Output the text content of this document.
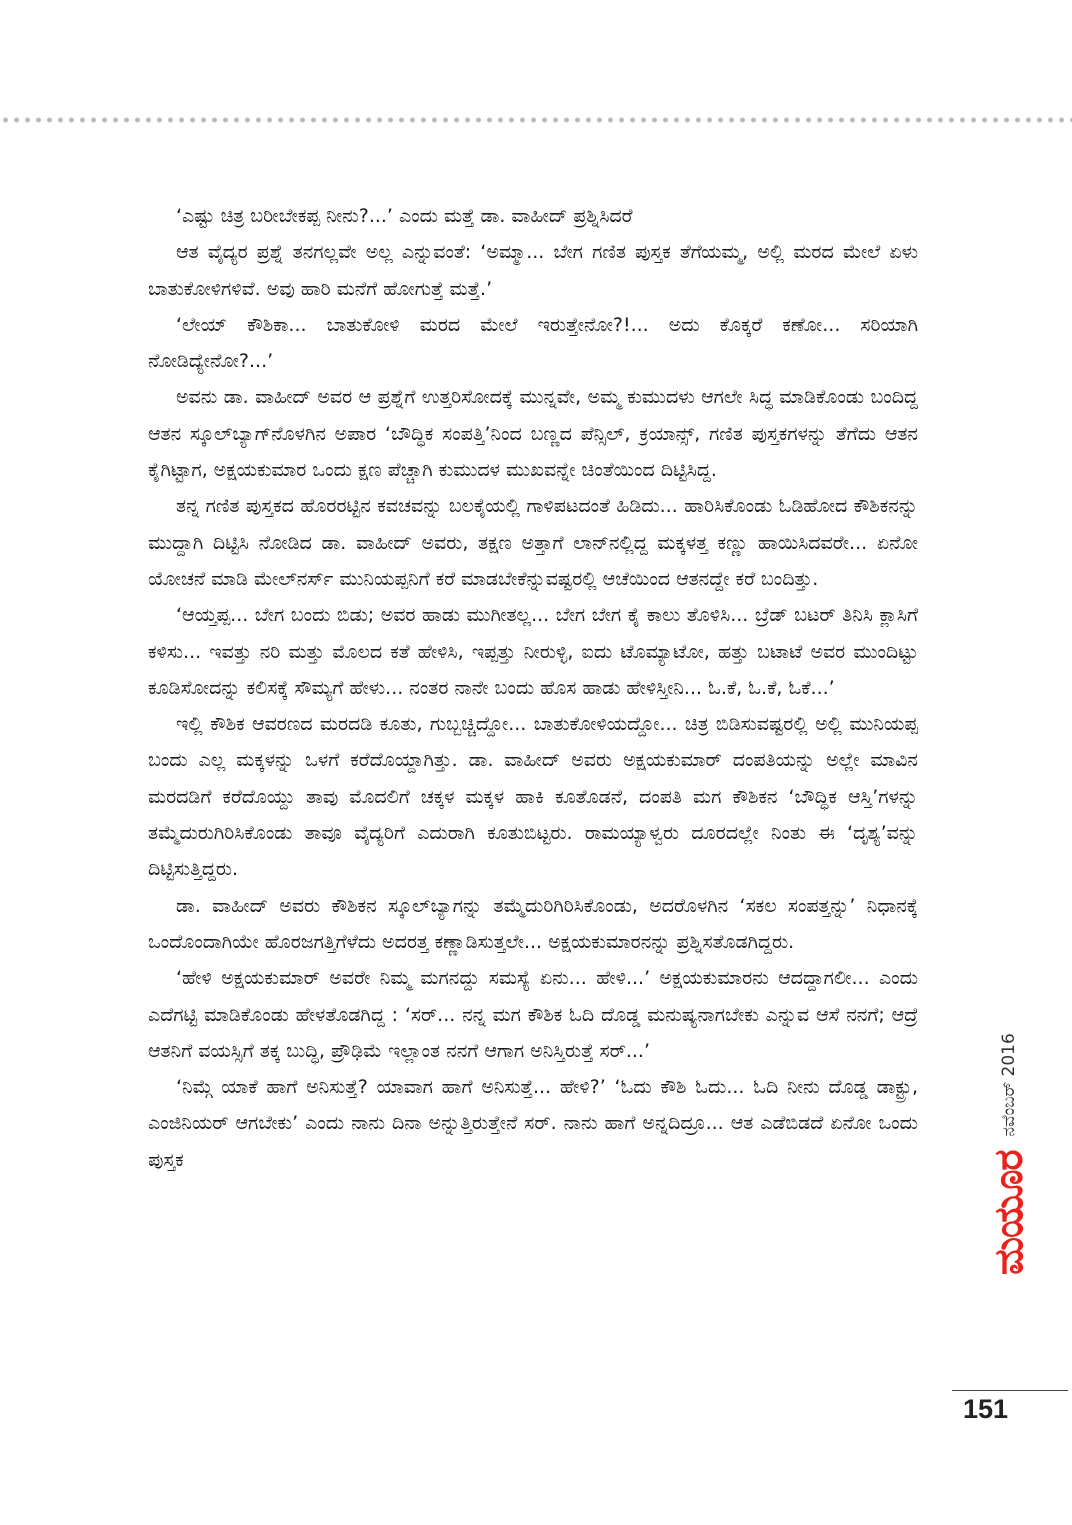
‘ಎಷ್ಟು ಚಿತ್ರ ಬರೀಬೇಕಪ್ಪ ನೀನು?...’ ಎಂದು ಮತ್ತೆ ಡಾ. ವಾಹೀದ್ ಪ್ರಶ್ನಿಸಿದರೆ

ಆತ ವೈದ್ಯರ ಪ್ರಶ್ನೆ ತನಗಲ್ಲವೇ ಅಲ್ಲ ಎನ್ನುವಂತೆ: ‘ಅಮ್ಮಾ... ಬೇಗ ಗಣಿತ ಪುಸ್ತಕ ತೆಗೆಯಮ್ಮ, ಅಲ್ಲಿ ಮರದ ಮೇಲೆ ಏಳು ಬಾತುಕೋಳಿಗಳಿವೆ. ಅವು ಹಾರಿ ಮನೆಗೆ ಹೋಗುತ್ತೆ ಮತ್ತೆ.’

‘ಲೇಯ್ ಕೌಶಿಕಾ... ಬಾತುಕೋಳಿ ಮರದ ಮೇಲೆ ಇರುತ್ತೇನೋ?!... ಅದು ಕೊಕ್ಕರೆ ಕಣೋ... ಸರಿಯಾಗಿ ನೋಡಿದ್ಯೇನೋ?...’

ಅವನು ಡಾ. ವಾಹೀದ್ ಅವರ ಆ ಪ್ರಶ್ನೆಗೆ ಉತ್ತರಿಸೋದಕ್ಕೆ ಮುನ್ನವೇ, ಅಮ್ಮ ಕುಮುದಳು ಆಗಲೇ ಸಿದ್ಧ ಮಾಡಿಕೊಂಡು ಬಂದಿದ್ದ ಆತನ ಸ್ಕೂಲ್‌ಬ್ಯಾಗ್‌ನೊಳಗಿನ ಅಪಾರ ‘ಬೌದ್ಧಿಕ ಸಂಪತ್ತಿ’ನಿಂದ ಬಣ್ಣದ ಪೆನ್ಸಿಲ್, ಕ್ರಯಾನ್ಸ್, ಗಣಿತ ಪುಸ್ತಕಗಳನ್ನು ತೆಗೆದು ಆತನ ಕೈಗಿಟ್ಟಾಗ, ಅಕ್ಷಯಕುಮಾರ ಒಂದು ಕ್ಷಣ ಪೆಚ್ಚಾಗಿ ಕುಮುದಳ ಮುಖವನ್ನೇ ಚಿಂತೆಯಿಂದ ದಿಟ್ಟಿಸಿದ್ದ.

ತನ್ನ ಗಣಿತ ಪುಸ್ತಕದ ಹೊರರಟ್ಟಿನ ಕವಚವನ್ನು ಬಲಕೈಯಲ್ಲಿ ಗಾಳಿಪಟದಂತೆ ಹಿಡಿದು... ಹಾರಿಸಿಕೊಂಡು ಓಡಿಹೋದ ಕೌಶಿಕನನ್ನು ಮುದ್ದಾಗಿ ದಿಟ್ಟಿಸಿ ನೋಡಿದ ಡಾ. ವಾಹೀದ್ ಅವರು, ತಕ್ಷಣ ಅತ್ತಾಗೆ ಲಾನ್‌ನಲ್ಲಿದ್ದ ಮಕ್ಕಳತ್ತ ಕಣ್ಣು ಹಾಯಿಸಿದವರೇ... ಏನೋ ಯೋಚನೆ ಮಾಡಿ ಮೇಲ್‌ನರ್ಸ್ ಮುನಿಯಪ್ಪನಿಗೆ ಕರೆ ಮಾಡಬೇಕೆನ್ನುವಷ್ಟರಲ್ಲಿ ಆಚೆಯಿಂದ ಆತನದ್ದೇ ಕರೆ ಬಂದಿತ್ತು.

‘ಆಯ್ತಪ್ಪ... ಬೇಗ ಬಂದು ಬಿಡು; ಅವರ ಹಾಡು ಮುಗೀತಲ್ಲ... ಬೇಗ ಬೇಗ ಕೈ ಕಾಲು ತೊಳಿಸಿ... ಬ್ರೆಡ್ ಬಟರ್ ತಿನಿಸಿ ಕ್ಲಾಸಿಗೆ ಕಳಿಸು... ಇವತ್ತು ನರಿ ಮತ್ತು ಮೊಲದ ಕತೆ ಹೇಳಿಸಿ, ಇಪ್ಪತ್ತು ನೀರುಳ್ಳಿ, ಐದು ಟೊಮ್ಯಾಟೋ, ಹತ್ತು ಬಟಾಟೆ ಅವರ ಮುಂದಿಟ್ಟು ಕೂಡಿಸೋದನ್ನು ಕಲಿಸಕ್ಕೆ ಸೌಮ್ಯಗೆ ಹೇಳು... ನಂತರ ನಾನೇ ಬಂದು ಹೊಸ ಹಾಡು ಹೇಳಿಸ್ತೀನಿ... ಓ.ಕೆ, ಓ.ಕೆ, ಓಕೆ...’

ಇಲ್ಲಿ ಕೌಶಿಕ ಆವರಣದ ಮರದಡಿ ಕೂತು, ಗುಬ್ಬಚ್ಚಿದ್ದೋ... ಬಾತುಕೋಳಿಯದ್ದೋ... ಚಿತ್ರ ಬಿಡಿಸುವಷ್ಟರಲ್ಲಿ ಅಲ್ಲಿ ಮುನಿಯಪ್ಪ ಬಂದು ಎಲ್ಲ ಮಕ್ಕಳನ್ನು ಒಳಗೆ ಕರೆದೊಯ್ದಾಗಿತ್ತು. ಡಾ. ವಾಹೀದ್ ಅವರು ಅಕ್ಷಯಕುಮಾರ್ ದಂಪತಿಯನ್ನು ಅಲ್ಲೇ ಮಾವಿನ ಮರದಡಿಗೆ ಕರೆದೊಯ್ದು ತಾವು ಮೊದಲಿಗೆ ಚಕ್ಕಳ ಮಕ್ಕಳ ಹಾಕಿ ಕೂತೊಡನೆ, ದಂಪತಿ ಮಗ ಕೌಶಿಕನ ‘ಬೌದ್ಧಿಕ ಆಸ್ತಿ’ಗಳನ್ನು ತಮ್ಮೆದುರುಗಿರಿಸಿಕೊಂಡು ತಾವೂ ವೈದ್ಯರಿಗೆ ಎದುರಾಗಿ ಕೂತುಬಿಟ್ಟರು. ರಾಮಯ್ಯಾಳ್ವರು ದೂರದಲ್ಲೇ ನಿಂತು ಈ ‘ದೃಶ್ಯ’ವನ್ನು ದಿಟ್ಟಿಸುತ್ತಿದ್ದರು.

ಡಾ. ವಾಹೀದ್ ಅವರು ಕೌಶಿಕನ ಸ್ಕೂಲ್‌ಬ್ಯಾಗನ್ನು ತಮ್ಮೆದುರಿಗಿರಿಸಿಕೊಂಡು, ಅದರೊಳಗಿನ ‘ಸಕಲ ಸಂಪತ್ತನ್ನು’ ನಿಧಾನಕ್ಕೆ ಒಂದೊಂದಾಗಿಯೇ ಹೊರಜಗತ್ತಿಗೆಳೆದು ಅದರತ್ತ ಕಣ್ಣಾಡಿಸುತ್ತಲೇ... ಅಕ್ಷಯಕುಮಾರನನ್ನು ಪ್ರಶ್ನಿಸತೊಡಗಿದ್ದರು.

‘ಹೇಳಿ ಅಕ್ಷಯಕುಮಾರ್ ಅವರೇ ನಿಮ್ಮ ಮಗನದ್ದು ಸಮಸ್ಯೆ ಏನು... ಹೇಳಿ...’ ಅಕ್ಷಯಕುಮಾರನು ಆದದ್ದಾಗಲೀ... ಎಂದು ಎದೆಗಟ್ಟಿ ಮಾಡಿಕೊಂಡು ಹೇಳತೊಡಗಿದ್ದ : ‘ಸರ್... ನನ್ನ ಮಗ ಕೌಶಿಕ ಓದಿ ದೊಡ್ಡ ಮನುಷ್ಯನಾಗಬೇಕು ಎನ್ನುವ ಆಸೆ ನನಗೆ; ಆದ್ರೆ ಆತನಿಗೆ ವಯಸ್ಸಿಗೆ ತಕ್ಕ ಬುದ್ಧಿ, ಪ್ರೌಢಿಮೆ ಇಲ್ಲಾಂತ ನನಗೆ ಆಗಾಗ ಅನಿಸ್ತಿರುತ್ತೆ ಸರ್...’

‘ನಿಮ್ಗೆ ಯಾಕೆ ಹಾಗೆ ಅನಿಸುತ್ತೆ? ಯಾವಾಗ ಹಾಗೆ ಅನಿಸುತ್ತೆ... ಹೇಳಿ?’ ‘ಓದು ಕೌಶಿ ಓದು... ಓದಿ ನೀನು ದೊಡ್ಡ ಡಾಕ್ಟ್ರು, ಎಂಜಿನಿಯರ್ ಆಗಬೇಕು’ ಎಂದು ನಾನು ದಿನಾ ಅನ್ನುತ್ತಿರುತ್ತೇನೆ ಸರ್. ನಾನು ಹಾಗೆ ಅನ್ನದಿದ್ರೂ... ಆತ ಎಡೆಬಿಡದೆ ಏನೋ ಒಂದು ಪುಸ್ತಕ	ಮಯೂರ
ನವೆಂಬರ್ 2016
151
